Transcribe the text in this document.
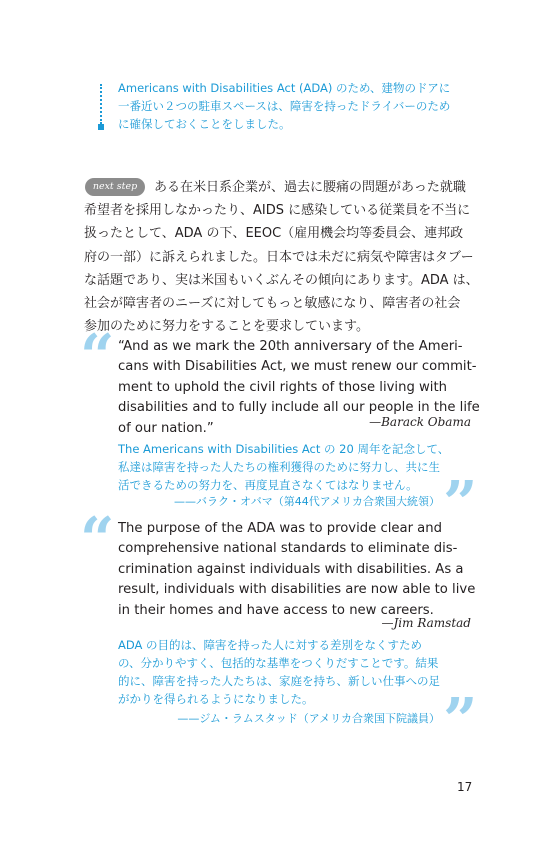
Americans with Disabilities Act (ADA) のため、建物のドアに
一番近い２つの駐車スペースは、障害を持ったドライバーのため
に確保しておくことをしました。
next step	ある在米日系企業が、過去に腰痛の問題があった就職
希望者を採用しなかったり、AIDS に感染している従業員を不当に
扱ったとして、ADA の下、EEOC（雇用機会均等委員会、連邦政
府の一部）に訴えられました。日本では未だに病気や障害はタブー
な話題であり、実は米国もいくぶんその傾向にあります。ADA は、
社会が障害者のニーズに対してもっと敏感になり、障害者の社会
参加のために努力をすることを要求しています。
“ “And as we mark the 20th anniversary of the Ameri-
cans with Disabilities Act, we must renew our commit-
ment to uphold the civil rights of those living with
disabilities and to fully include all our people in the life
of our nation.”	—Barack Obama
The Americans with Disabilities Act の 20 周年を記念して、
私達は障害を持った人たちの権利獲得のために努力し、共に生
活できるための努力を、再度見直さなくてはなりません。
——バラク・オバマ（第44代アメリカ合衆国大統領） ”
“ The purpose of the ADA was to provide clear and
comprehensive national standards to eliminate dis-
crimination against individuals with disabilities. As a
result, individuals with disabilities are now able to live
in their homes and have access to new careers.
—Jim Ramstad
ADA の目的は、障害を持った人に対する差別をなくすため
の、分かりやすく、包括的な基準をつくりだすことです。結果
的に、障害を持った人たちは、家庭を持ち、新しい仕事への足
がかりを得られるようになりました。
——ジム・ラムスタッド（アメリカ合衆国下院議員） ”
17
